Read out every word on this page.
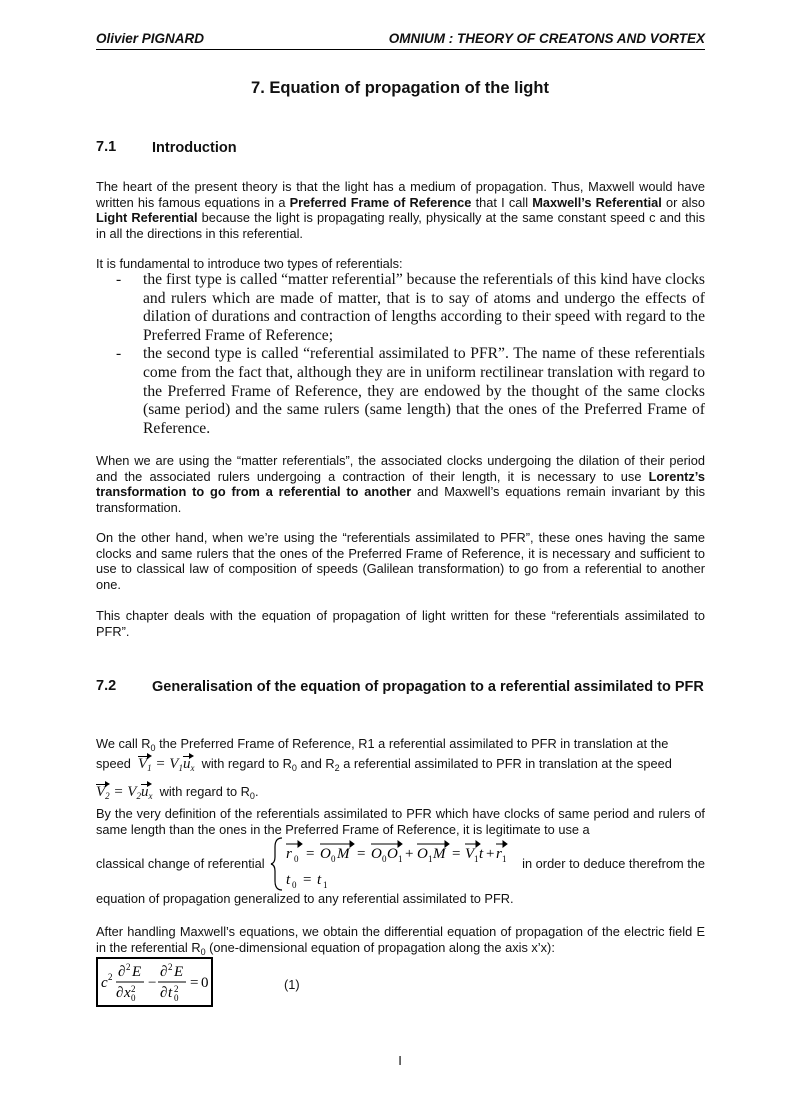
Olivier PIGNARD	OMNIUM : THEORY OF CREATONS AND VORTEX
7. Equation of propagation of the light
7.1 Introduction
The heart of the present theory is that the light has a medium of propagation. Thus, Maxwell would have written his famous equations in a Preferred Frame of Reference that I call Maxwell’s Referential or also Light Referential because the light is propagating really, physically at the same constant speed c and this in all the directions in this referential.
It is fundamental to introduce two types of referentials:
- the first type is called “matter referential” because the referentials of this kind have clocks and rulers which are made of matter, that is to say of atoms and undergo the effects of dilation of durations and contraction of lengths according to their speed with regard to the Preferred Frame of Reference;
- the second type is called “referential assimilated to PFR”. The name of these referentials come from the fact that, although they are in uniform rectilinear translation with regard to the Preferred Frame of Reference, they are endowed by the thought of the same clocks (same period) and the same rulers (same length) that the ones of the Preferred Frame of Reference.
When we are using the “matter referentials”, the associated clocks undergoing the dilation of their period and the associated rulers undergoing a contraction of their length, it is necessary to use Lorentz’s transformation to go from a referential to another and Maxwell’s equations remain invariant by this transformation.
On the other hand, when we’re using the “referentials assimilated to PFR”, these ones having the same clocks and same rulers that the ones of the Preferred Frame of Reference, it is necessary and sufficient to use to classical law of composition of speeds (Galilean transformation) to go from a referential to another one.
This chapter deals with the equation of propagation of light written for these “referentials assimilated to PFR”.
7.2 Generalisation of the equation of propagation to a referential assimilated to PFR
We call $R_0$ the Preferred Frame of Reference, R1 a referential assimilated to PFR in translation at the
speed $V_1 = V_1u_x$ with regard to $R_0$ and $R_2$ a referential assimilated to PFR in translation at the speed
$V_2 = V_2u_x$ with regard to $R_0$.
By the very definition of the referentials assimilated to PFR which have clocks of same period and rulers of same length than the ones in the Preferred Frame of Reference, it is legitimate to use a
classical change of referential
r 0 = O 0 M = O 0 O 1 + O 1 M = V 1 t + r 1
t 0 = t 1
in order to deduce therefrom the
equation of propagation generalized to any referential assimilated to PFR.
After handling Maxwell’s equations, we obtain the differential equation of propagation of the electric field E in the referential $R_0$ (one-dimensional equation of propagation along the axis x’x):
c 2 ∂ 2 E
∂ x 2
0
−
∂ 2 E
∂ t 2
0
= 0	(1)
I
